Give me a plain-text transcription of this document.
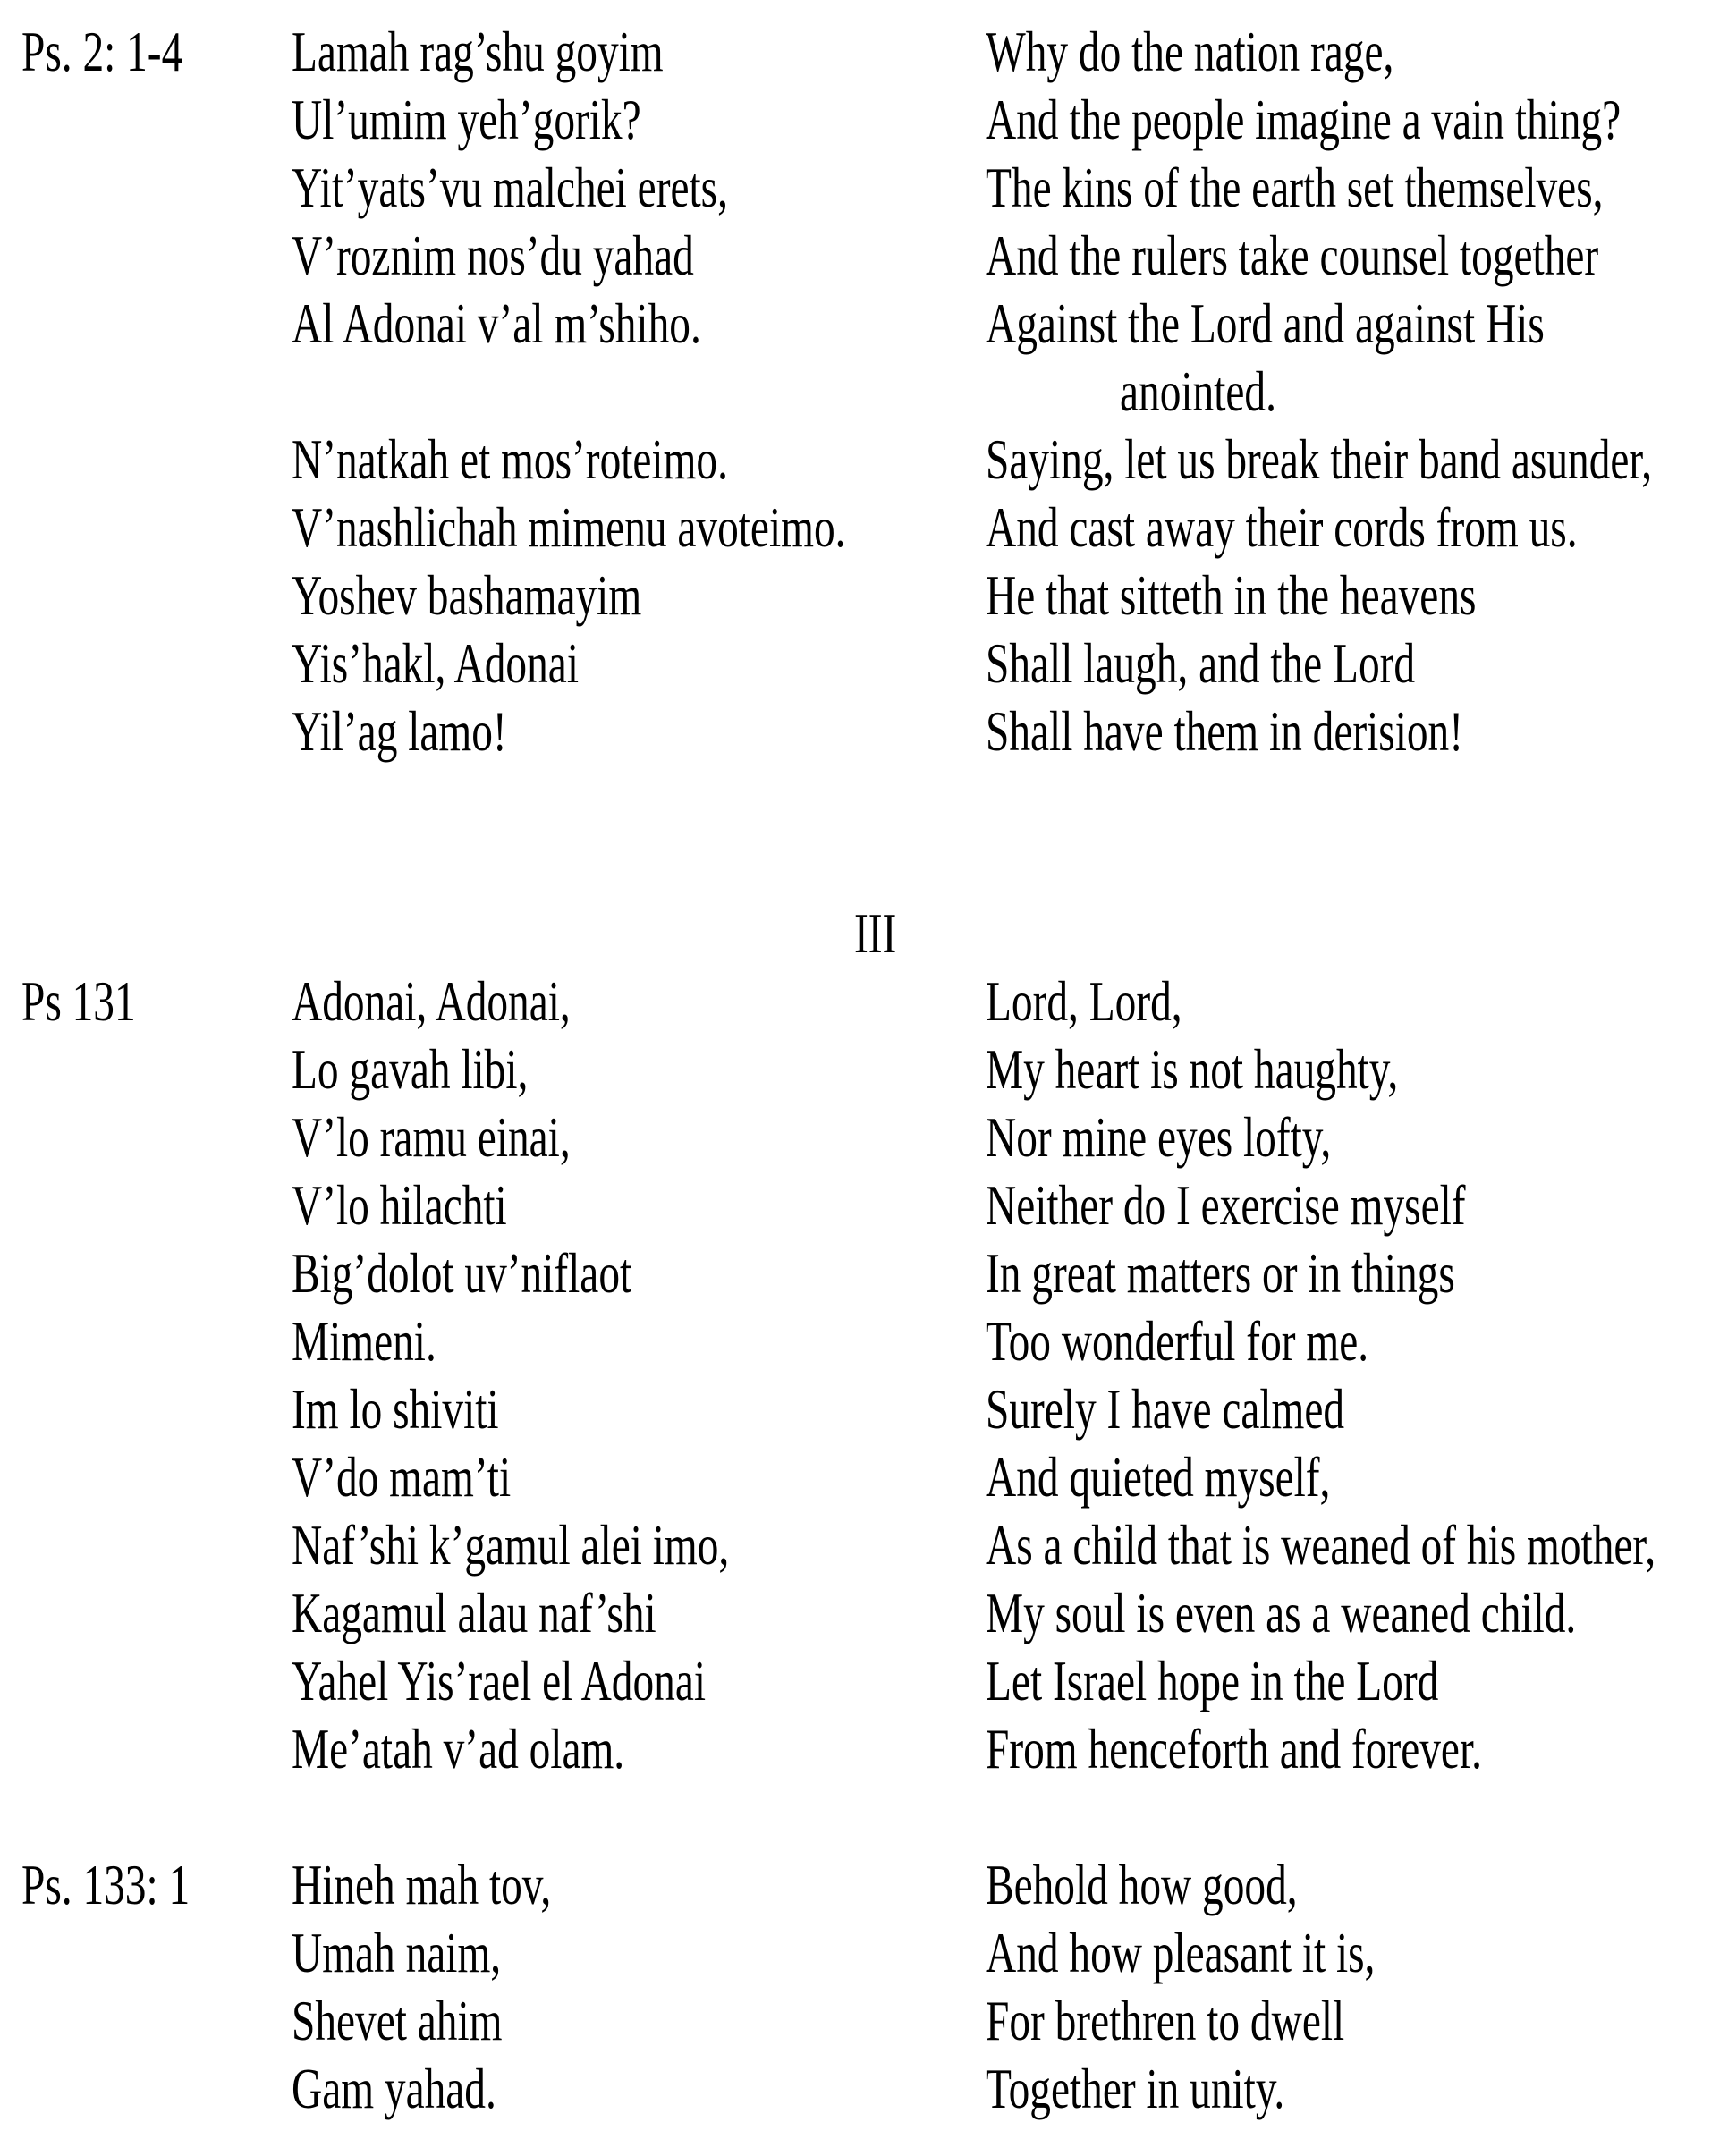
Ps. 2: 1-4 Lamah rag’shu goyim
Ul’umim yeh’gorik?
Yit’yats’vu malchei erets,
V’roznim nos’du yahad
Al Adonai v’al m’shiho.
N’natkah et mos’roteimo.
V’nashlichah mimenu avoteimo.
Yoshev bashamayim
Yis’hakl, Adonai
Yil’ag lamo!
Why do the nation rage,
And the people imagine a vain thing?
The kins of the earth set themselves,
And the rulers take counsel together
Against the Lord and against His
anointed.
Saying, let us break their band asunder,
And cast away their cords from us.
He that sitteth in the heavens
Shall laugh, and the Lord
Shall have them in derision!
III
Ps 131	Adonai, Adonai,
Lo gavah libi,
V’lo ramu einai,
V’lo hilachti
Big’dolot uv’niflaot
Mimeni.
Im lo shiviti
V’do mam’ti
Naf’shi k’gamul alei imo,
Kagamul alau naf’shi
Yahel Yis’rael el Adonai
Me’atah v’ad olam.
Lord, Lord,
My heart is not haughty,
Nor mine eyes lofty,
Neither do I exercise myself
In great matters or in things
Too wonderful for me.
Surely I have calmed
And quieted myself,
As a child that is weaned of his mother,
My soul is even as a weaned child.
Let Israel hope in the Lord
From henceforth and forever.
Ps. 133: 1 Hineh mah tov,
Umah naim,
Shevet ahim
Gam yahad.
Behold how good,
And how pleasant it is,
For brethren to dwell
Together in unity.
